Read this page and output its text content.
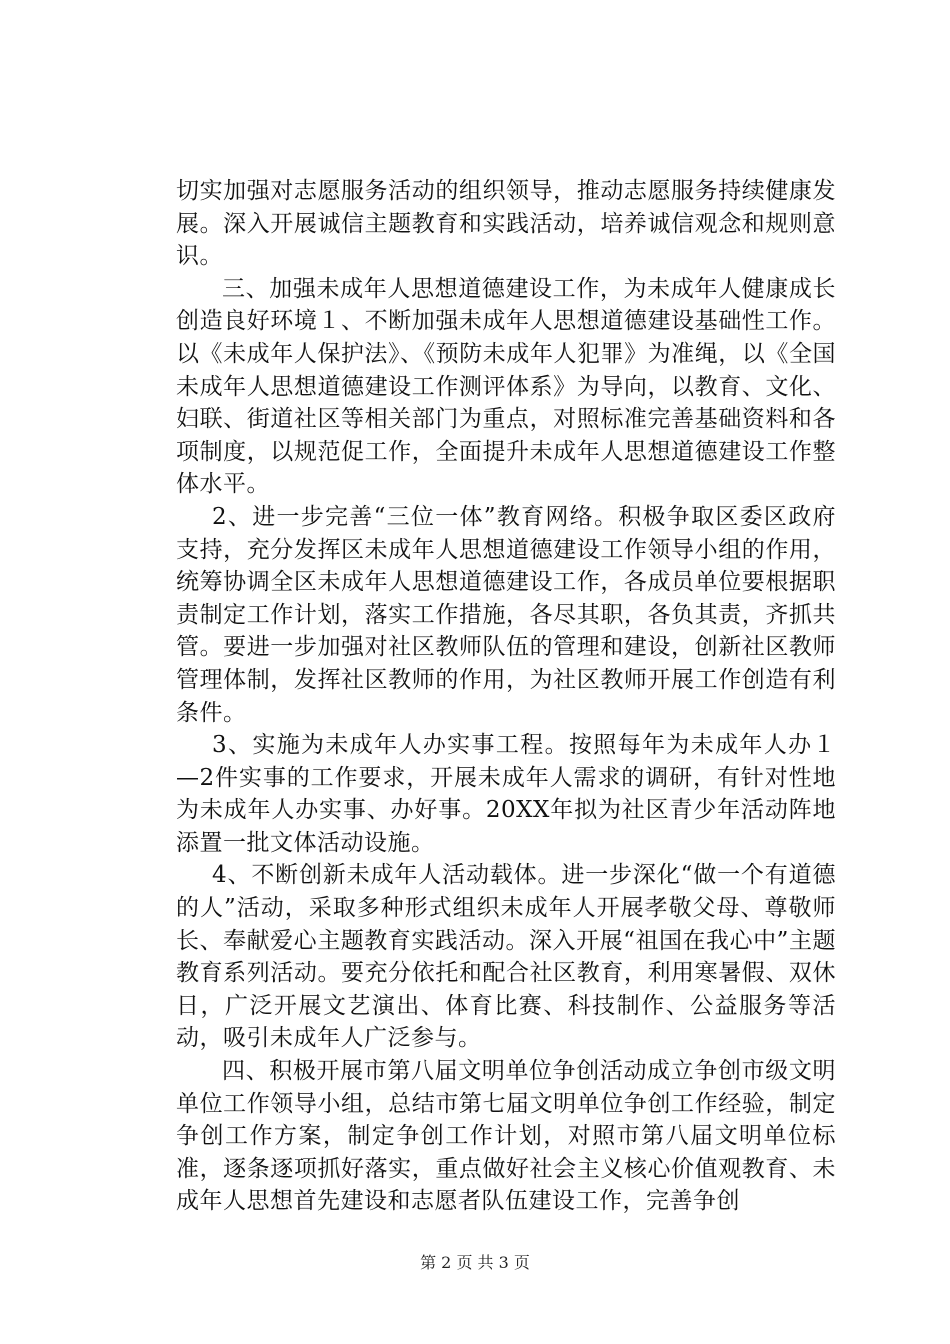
切实加强对志愿服务活动的组织领导，推动志愿服务持续健康发展。深入开展诚信主题教育和实践活动，培养诚信观念和规则意识。

三、加强未成年人思想道德建设工作，为未成年人健康成长创造良好环境１、不断加强未成年人思想道德建设基础性工作。以《未成年人保护法》、《预防未成年人犯罪》为准绳，以《全国未成年人思想道德建设工作测评体系》为导向，以教育、文化、妇联、街道社区等相关部门为重点，对照标准完善基础资料和各项制度，以规范促工作，全面提升未成年人思想道德建设工作整体水平。

2、进一步完善“三位一体”教育网络。积极争取区委区政府支持，充分发挥区未成年人思想道德建设工作领导小组的作用，统筹协调全区未成年人思想道德建设工作，各成员单位要根据职责制定工作计划，落实工作措施，各尽其职，各负其责，齐抓共管。要进一步加强对社区教师队伍的管理和建设，创新社区教师管理体制，发挥社区教师的作用，为社区教师开展工作创造有利条件。

3、实施为未成年人办实事工程。按照每年为未成年人办１—2件实事的工作要求，开展未成年人需求的调研，有针对性地为未成年人办实事、办好事。20XX年拟为社区青少年活动阵地添置一批文体活动设施。

4、不断创新未成年人活动载体。进一步深化“做一个有道德的人”活动，采取多种形式组织未成年人开展孝敬父母、尊敬师长、奉献爱心主题教育实践活动。深入开展“祖国在我心中”主题教育系列活动。要充分依托和配合社区教育，利用寒暑假、双休日，广泛开展文艺演出、体育比赛、科技制作、公益服务等活动，吸引未成年人广泛参与。

四、积极开展市第八届文明单位争创活动成立争创市级文明单位工作领导小组，总结市第七届文明单位争创工作经验，制定争创工作方案，制定争创工作计划，对照市第八届文明单位标准，逐条逐项抓好落实，重点做好社会主义核心价值观教育、未成年人思想首先建设和志愿者队伍建设工作，完善争创

第 2 页 共 3 页
